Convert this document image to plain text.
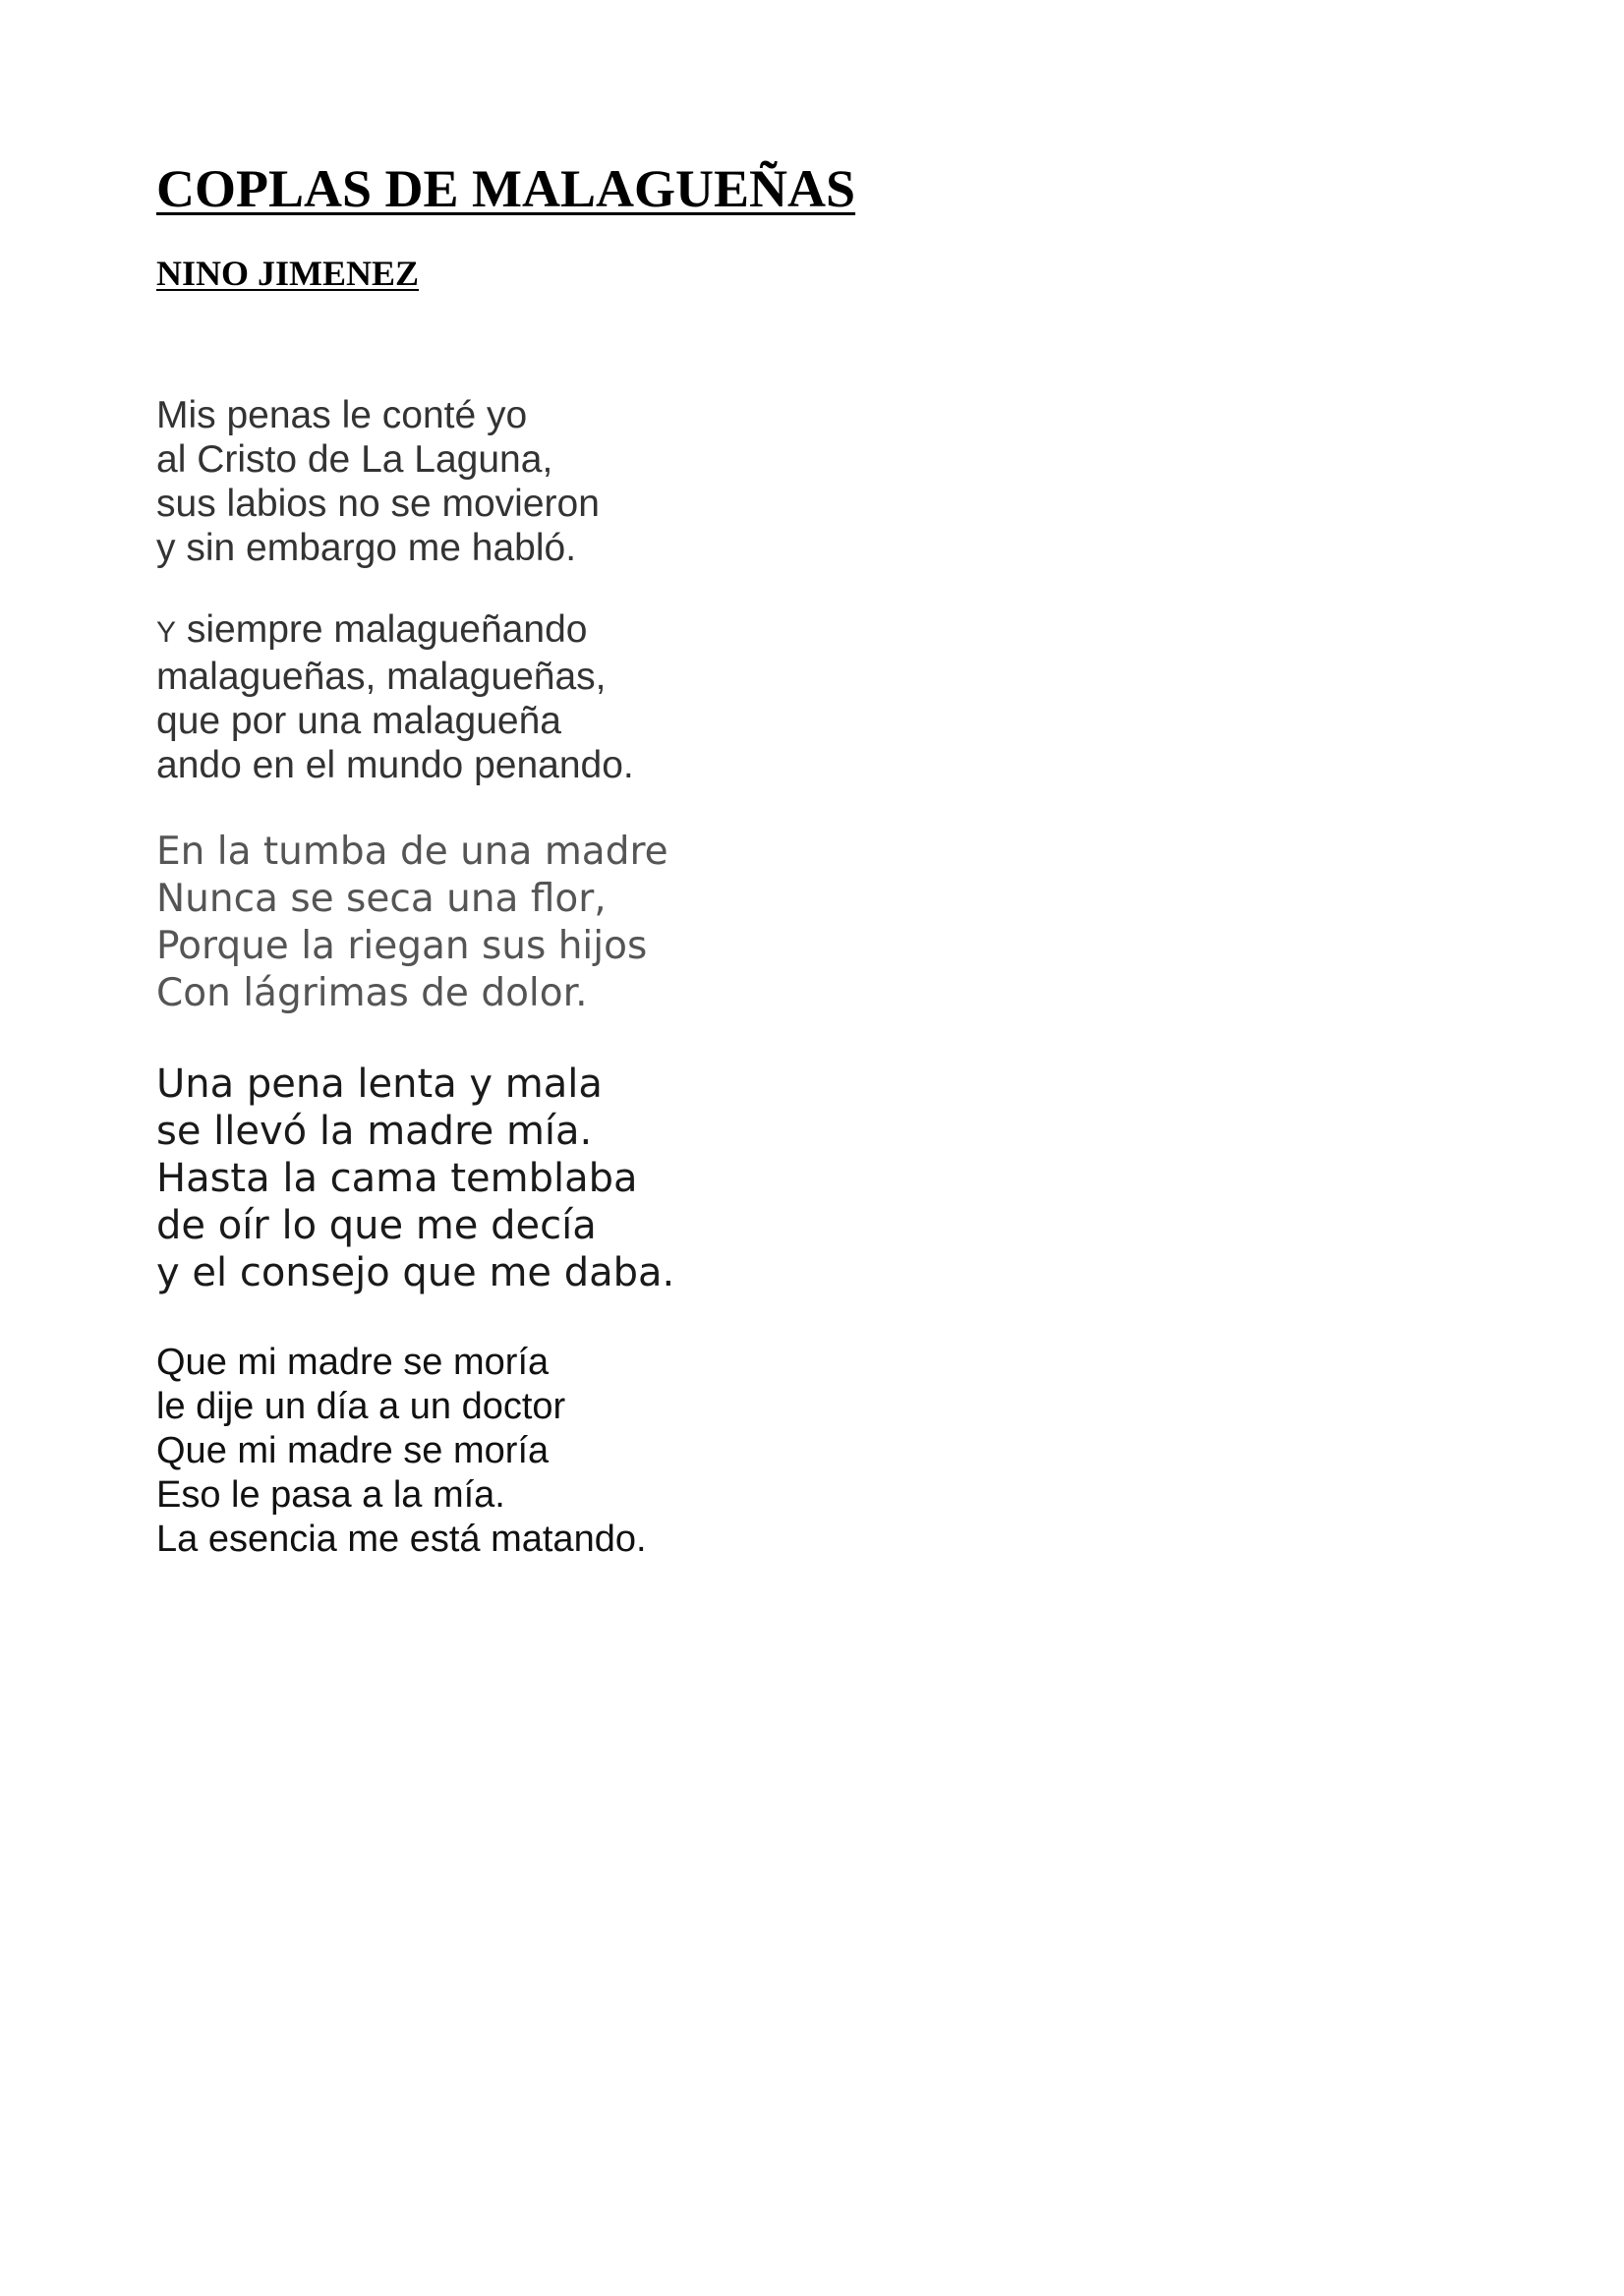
COPLAS DE MALAGUEÑAS
NINO JIMENEZ
Mis penas le conté yo
al Cristo de La Laguna,
sus labios no se movieron
y sin embargo me habló.
Y siempre malagueñando
malagueñas, malagueñas,
que por una malagueña
ando en el mundo penando.
En la tumba de una madre
Nunca se seca una flor,
Porque la riegan sus hijos
Con lágrimas de dolor.
Una pena lenta y mala
se llevó la madre mía.
Hasta la cama temblaba
de oír lo que me decía
y el consejo que me daba.
Que mi madre se moría
le dije un día a un doctor
Que mi madre se moría
Eso le pasa a la mía.
La esencia me está matando.
